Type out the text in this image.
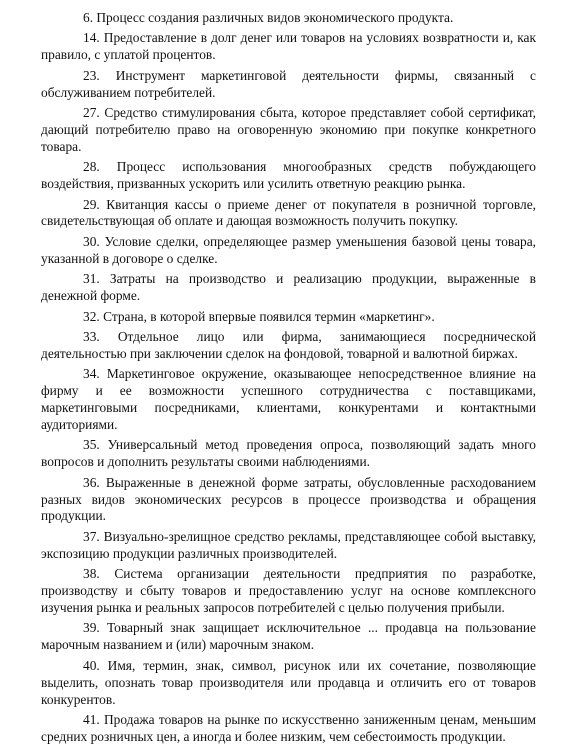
6. Процесс создания различных видов экономического продукта.

14. Предоставление в долг денег или товаров на условиях возвратности и, как правило, с уплатой процентов.

23. Инструмент маркетинговой деятельности фирмы, связанный с обслуживанием потребителей.

27. Средство стимулирования сбыта, которое представляет собой сертификат, дающий потребителю право на оговоренную экономию при покупке конкретного товара.

28. Процесс использования многообразных средств побуждающего воздействия, призванных ускорить или усилить ответную реакцию рынка.

29. Квитанция кассы о приеме денег от покупателя в розничной торговле, свидетельствующая об оплате и дающая возможность получить покупку.

30. Условие сделки, определяющее размер уменьшения базовой цены товара, указанной в договоре о сделке.

31. Затраты на производство и реализацию продукции, выраженные в денежной форме.

32. Страна, в которой впервые появился термин «маркетинг».

33. Отдельное лицо или фирма, занимающиеся посреднической деятельностью при заключении сделок на фондовой, товарной и валютной биржах.

34. Маркетинговое окружение, оказывающее непосредственное влияние на фирму и ее возможности успешного сотрудничества с поставщиками, маркетинговыми посредниками, клиентами, конкурентами и контактными аудиториями.

35. Универсальный метод проведения опроса, позволяющий задать много вопросов и дополнить результаты своими наблюдениями.

36. Выраженные в денежной форме затраты, обусловленные расходованием разных видов экономических ресурсов в процессе производства и обращения продукции.

37. Визуально-зрелищное средство рекламы, представляющее собой выставку, экспозицию продукции различных производителей.

38. Система организации деятельности предприятия по разработке, производству и сбыту товаров и предоставлению услуг на основе комплексного изучения рынка и реальных запросов потребителей с целью получения прибыли.

39. Товарный знак защищает исключительное ... продавца на пользование марочным названием и (или) марочным знаком.

40. Имя, термин, знак, символ, рисунок или их сочетание, позволяющие выделить, опознать товар производителя или продавца и отличить его от товаров конкурентов.

41. Продажа товаров на рынке по искусственно заниженным ценам, меньшим средних розничных цен, а иногда и более низким, чем себестоимость продукции.
